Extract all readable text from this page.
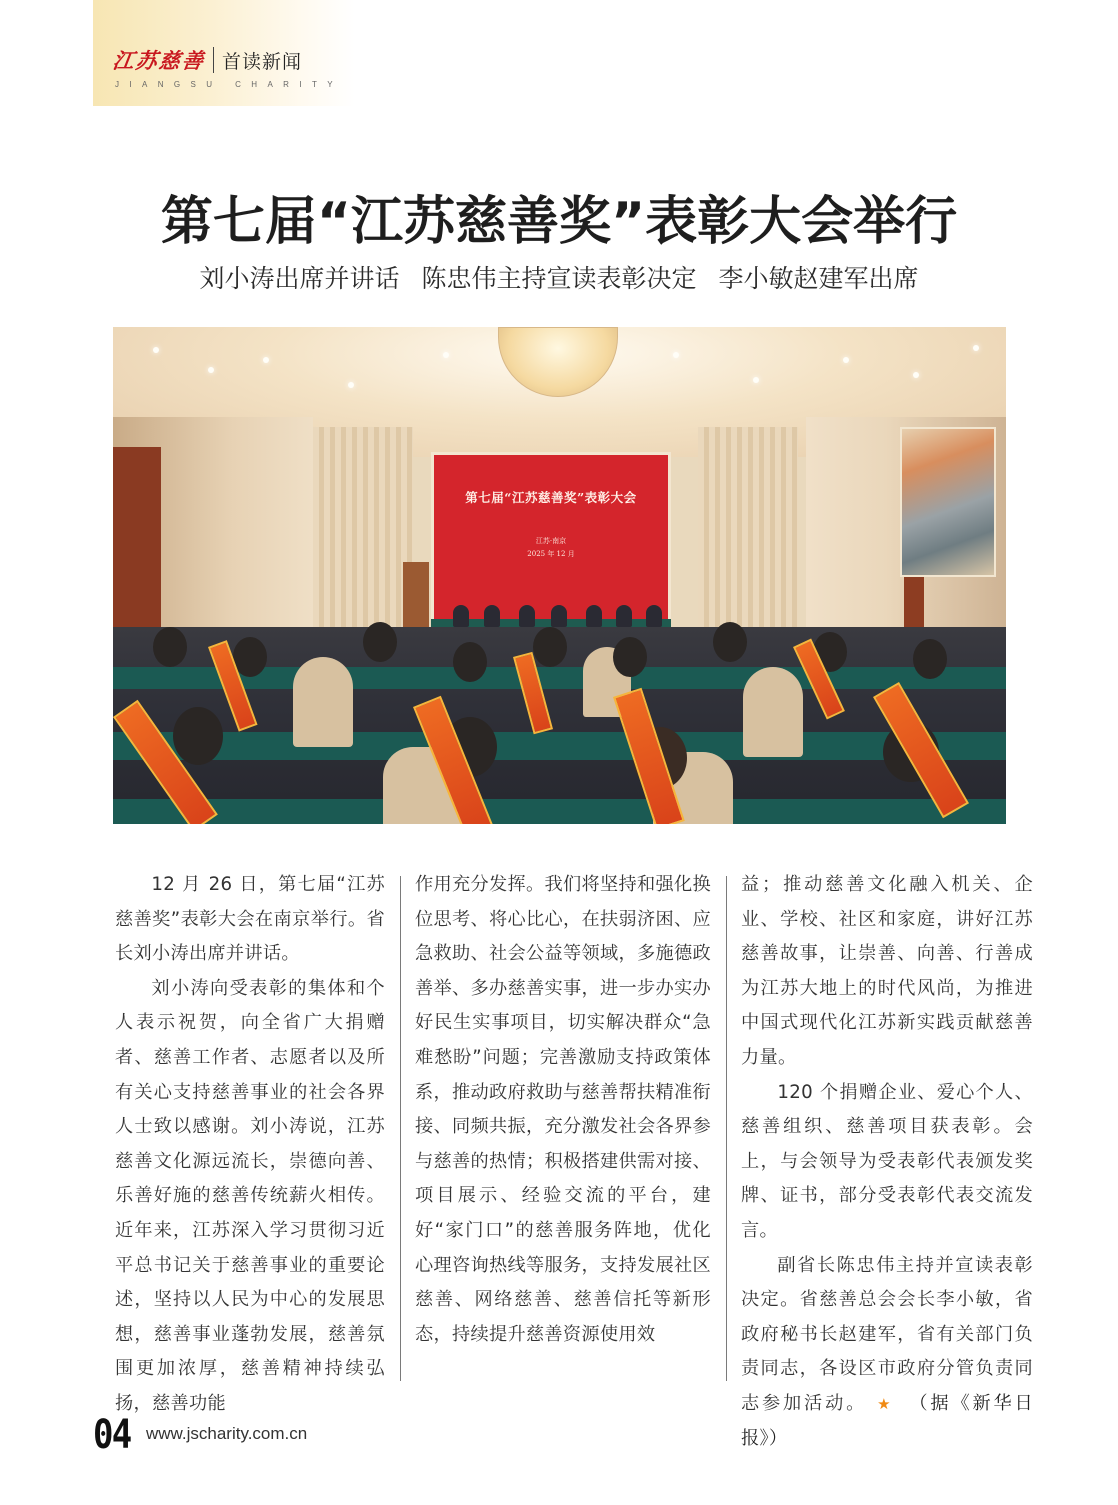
江苏慈善 首读新闻
JIANGSU CHARITY
第七届“江苏慈善奖”表彰大会举行
刘小涛出席并讲话 陈忠伟主持宣读表彰决定 李小敏赵建军出席
第七届“江苏慈善奖”表彰大会
江苏·南京
2025 年 12 月

12 月 26 日，第七届“江苏慈善奖”表彰大会在南京举行。省长刘小涛出席并讲话。

刘小涛向受表彰的集体和个人表示祝贺，向全省广大捐赠者、慈善工作者、志愿者以及所有关心支持慈善事业的社会各界人士致以感谢。刘小涛说，江苏慈善文化源远流长，崇德向善、乐善好施的慈善传统薪火相传。近年来，江苏深入学习贯彻习近平总书记关于慈善事业的重要论述，坚持以人民为中心的发展思想，慈善事业蓬勃发展，慈善氛围更加浓厚，慈善精神持续弘扬，慈善功能

作用充分发挥。我们将坚持和强化换位思考、将心比心，在扶弱济困、应急救助、社会公益等领域，多施德政善举、多办慈善实事，进一步办实办好民生实事项目，切实解决群众“急难愁盼”问题；完善激励支持政策体系，推动政府救助与慈善帮扶精准衔接、同频共振，充分激发社会各界参与慈善的热情；积极搭建供需对接、项目展示、经验交流的平台，建好“家门口”的慈善服务阵地，优化心理咨询热线等服务，支持发展社区慈善、网络慈善、慈善信托等新形态，持续提升慈善资源使用效

益；推动慈善文化融入机关、企业、学校、社区和家庭，讲好江苏慈善故事，让崇善、向善、行善成为江苏大地上的时代风尚，为推进中国式现代化江苏新实践贡献慈善力量。

120 个捐赠企业、爱心个人、慈善组织、慈善项目获表彰。会上，与会领导为受表彰代表颁发奖牌、证书，部分受表彰代表交流发言。

副省长陈忠伟主持并宣读表彰决定。省慈善总会会长李小敏，省政府秘书长赵建军，省有关部门负责同志，各设区市政府分管负责同志参加活动。 ★ （据《新华日报》）

04 www.jscharity.com.cn
